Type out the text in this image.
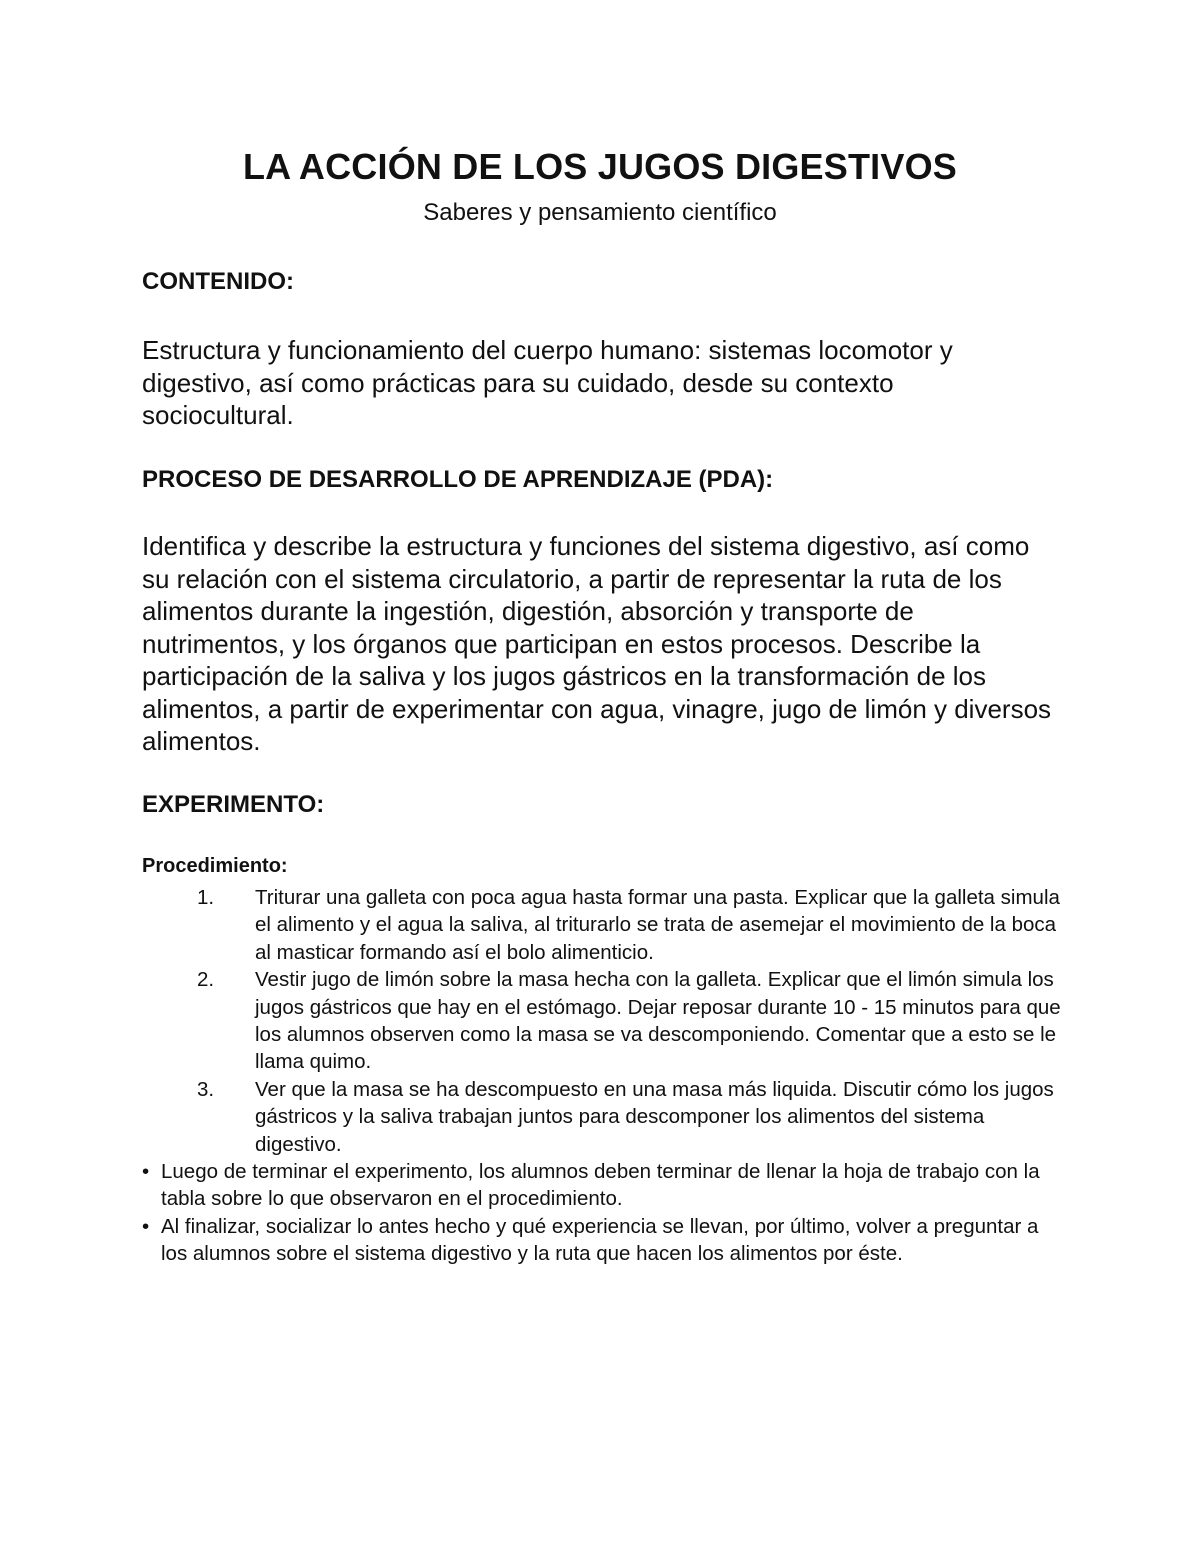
LA ACCIÓN DE LOS JUGOS DIGESTIVOS
Saberes y pensamiento científico
CONTENIDO:

Estructura y funcionamiento del cuerpo humano: sistemas locomotor y digestivo, así como prácticas para su cuidado, desde su contexto sociocultural.

PROCESO DE DESARROLLO DE APRENDIZAJE (PDA):

Identifica y describe la estructura y funciones del sistema digestivo, así como su relación con el sistema circulatorio, a partir de representar la ruta de los alimentos durante la ingestión, digestión, absorción y transporte de nutrimentos, y los órganos que participan en estos procesos. Describe la participación de la saliva y los jugos gástricos en la transformación de los alimentos, a partir de experimentar con agua, vinagre, jugo de limón y diversos alimentos.

EXPERIMENTO:
Procedimiento:
1. Triturar una galleta con poca agua hasta formar una pasta. Explicar que la galleta simula el alimento y el agua la saliva, al triturarlo se trata de asemejar el movimiento de la boca al masticar formando así el bolo alimenticio.
2. Vestir jugo de limón sobre la masa hecha con la galleta. Explicar que el limón simula los jugos gástricos que hay en el estómago. Dejar reposar durante 10 - 15 minutos para que los alumnos observen como la masa se va descomponiendo. Comentar que a esto se le llama quimo.
3. Ver que la masa se ha descompuesto en una masa más liquida. Discutir cómo los jugos gástricos y la saliva trabajan juntos para descomponer los alimentos del sistema digestivo.
• Luego de terminar el experimento, los alumnos deben terminar de llenar la hoja de trabajo con la tabla sobre lo que observaron en el procedimiento.
• Al finalizar, socializar lo antes hecho y qué experiencia se llevan, por último, volver a preguntar a los alumnos sobre el sistema digestivo y la ruta que hacen los alimentos por éste.
